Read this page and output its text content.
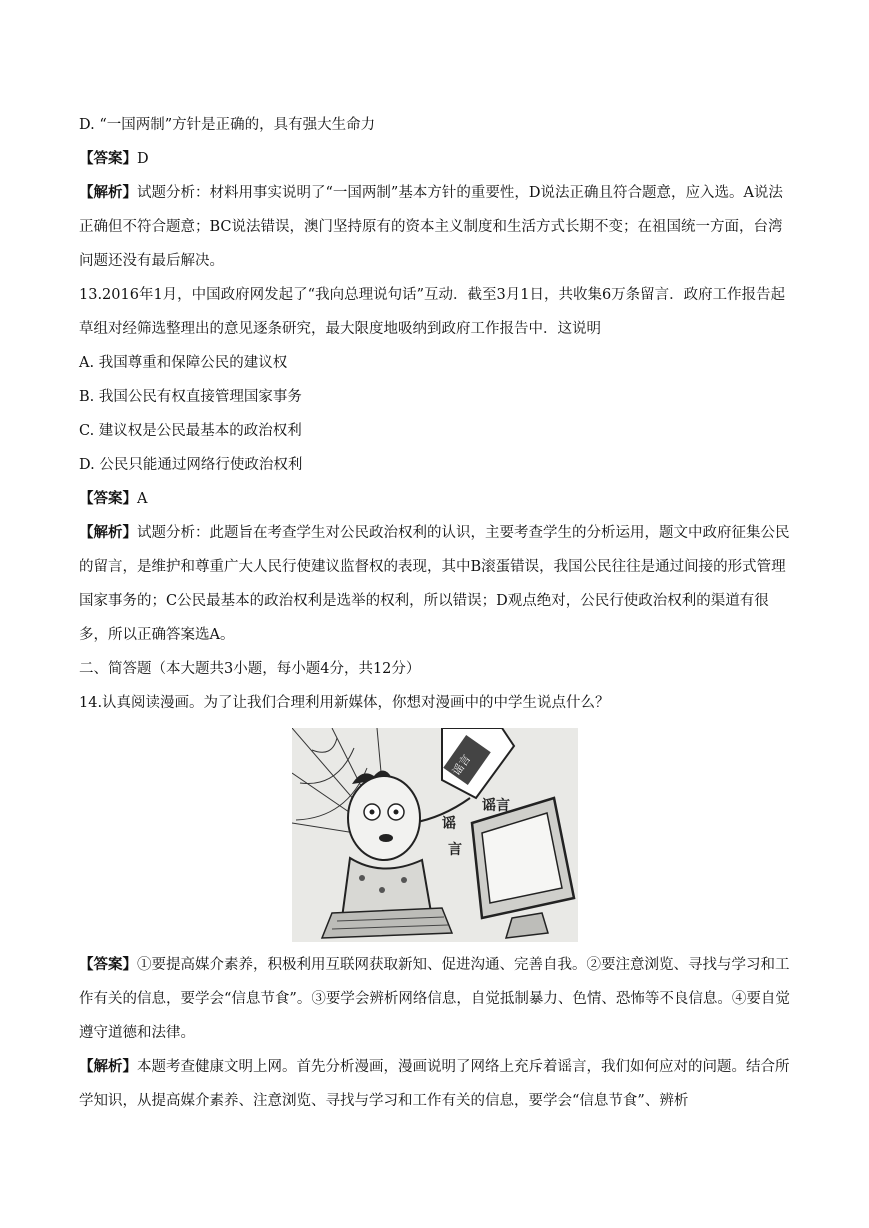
D. “一国两制”方针是正确的，具有强大生命力

【答案】D

【解析】试题分析：材料用事实说明了“一国两制”基本方针的重要性，D说法正确且符合题意，应入选。A说法正确但不符合题意；BC说法错误，澳门坚持原有的资本主义制度和生活方式长期不变；在祖国统一方面，台湾问题还没有最后解决。

13.2016年1月，中国政府网发起了“我向总理说句话”互动．截至3月1日，共收集6万条留言．政府工作报告起草组对经筛选整理出的意见逐条研究，最大限度地吸纳到政府工作报告中．这说明

A. 我国尊重和保障公民的建议权

B. 我国公民有权直接管理国家事务

C. 建议权是公民最基本的政治权利

D. 公民只能通过网络行使政治权利

【答案】A

【解析】试题分析：此题旨在考查学生对公民政治权利的认识，主要考查学生的分析运用，题文中政府征集公民的留言，是维护和尊重广大人民行使建议监督权的表现，其中B滚蛋错误，我国公民往往是通过间接的形式管理国家事务的；C公民最基本的政治权利是选举的权利，所以错误；D观点绝对，公民行使政治权利的渠道有很多，所以正确答案选A。

二、简答题（本大题共3小题，每小题4分，共12分）

14.认真阅读漫画。为了让我们合理利用新媒体，你想对漫画中的中学生说点什么？

谣言
谣言
谣
言

【答案】①要提高媒介素养，积极利用互联网获取新知、促进沟通、完善自我。②要注意浏览、寻找与学习和工作有关的信息，要学会“信息节食”。③要学会辨析网络信息，自觉抵制暴力、色情、恐怖等不良信息。④要自觉遵守道德和法律。

【解析】本题考查健康文明上网。首先分析漫画，漫画说明了网络上充斥着谣言，我们如何应对的问题。结合所学知识，从提高媒介素养、注意浏览、寻找与学习和工作有关的信息，要学会“信息节食”、辨析
